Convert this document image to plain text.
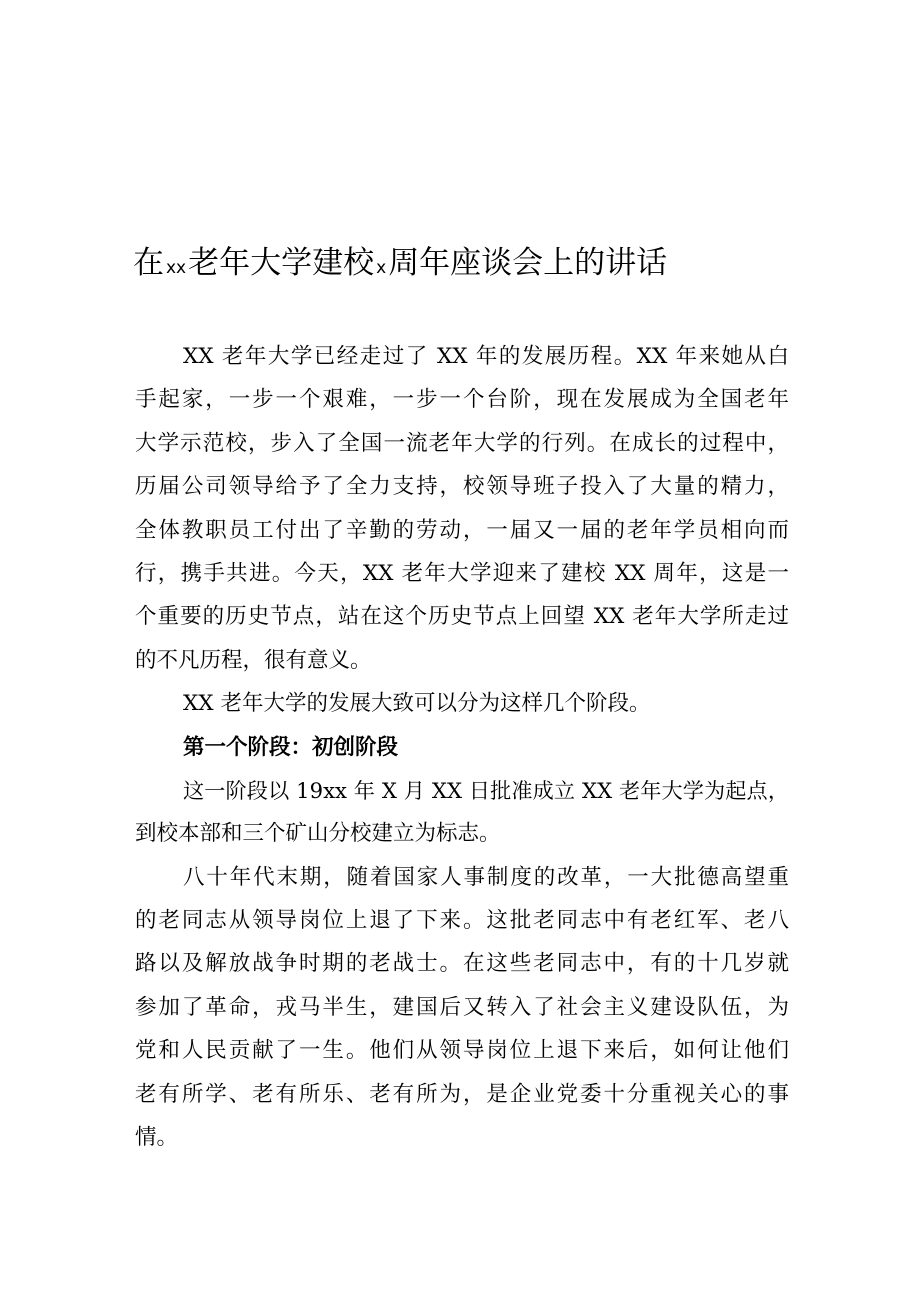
在xx老年大学建校 x周年座谈会上的讲话
XX 老年大学已经走过了 XX 年的发展历程。XX 年来她从白
手起家，一步一个艰难，一步一个台阶，现在发展成为全国老年
大学示范校，步入了全国一流老年大学的行列。在成长的过程中，
历届公司领导给予了全力支持，校领导班子投入了大量的精力，
全体教职员工付出了辛勤的劳动，一届又一届的老年学员相向而
行，携手共进。今天，XX 老年大学迎来了建校 XX 周年，这是一
个重要的历史节点，站在这个历史节点上回望 XX 老年大学所走过
的不凡历程，很有意义。
XX 老年大学的发展大致可以分为这样几个阶段。
第一个阶段：初创阶段
这一阶段以 19xx 年 X 月 XX 日批准成立 XX 老年大学为起点，
到校本部和三个矿山分校建立为标志。
八十年代末期，随着国家人事制度的改革，一大批德高望重
的老同志从领导岗位上退了下来。这批老同志中有老红军、老八
路以及解放战争时期的老战士。在这些老同志中，有的十几岁就
参加了革命，戎马半生，建国后又转入了社会主义建设队伍，为
党和人民贡献了一生。他们从领导岗位上退下来后，如何让他们
老有所学、老有所乐、老有所为，是企业党委十分重视关心的事
情。
